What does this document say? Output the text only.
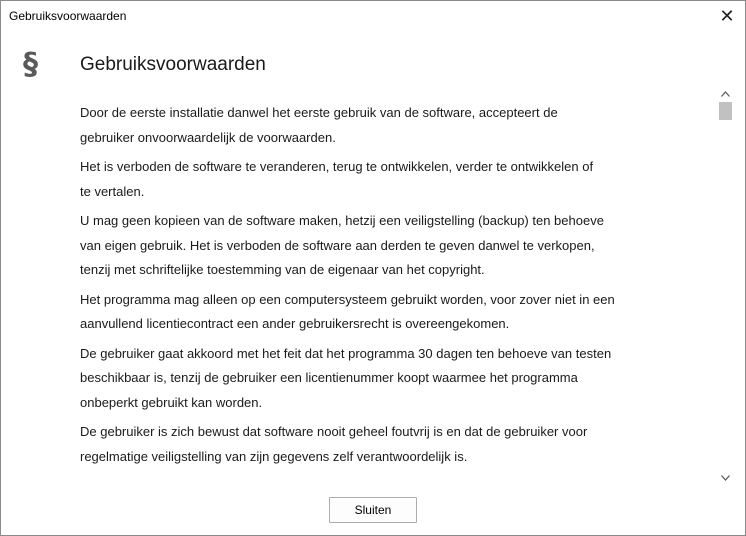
Gebruiksvoorwaarden	✕
§ Gebruiksvoorwaarden

Door de eerste installatie danwel het eerste gebruik van de software, accepteert de
gebruiker onvoorwaardelijk de voorwaarden.

Het is verboden de software te veranderen, terug te ontwikkelen, verder te ontwikkelen of
te vertalen.

U mag geen kopieen van de software maken, hetzij een veiligstelling (backup) ten behoeve
van eigen gebruik. Het is verboden de software aan derden te geven danwel te verkopen,
tenzij met schriftelijke toestemming van de eigenaar van het copyright.

Het programma mag alleen op een computersysteem gebruikt worden, voor zover niet in een
aanvullend licentiecontract een ander gebruikersrecht is overeengekomen.

De gebruiker gaat akkoord met het feit dat het programma 30 dagen ten behoeve van testen
beschikbaar is, tenzij de gebruiker een licentienummer koopt waarmee het programma
onbeperkt gebruikt kan worden.

De gebruiker is zich bewust dat software nooit geheel foutvrij is en dat de gebruiker voor
regelmatige veiligstelling van zijn gegevens zelf verantwoordelijk is.

Sluiten
